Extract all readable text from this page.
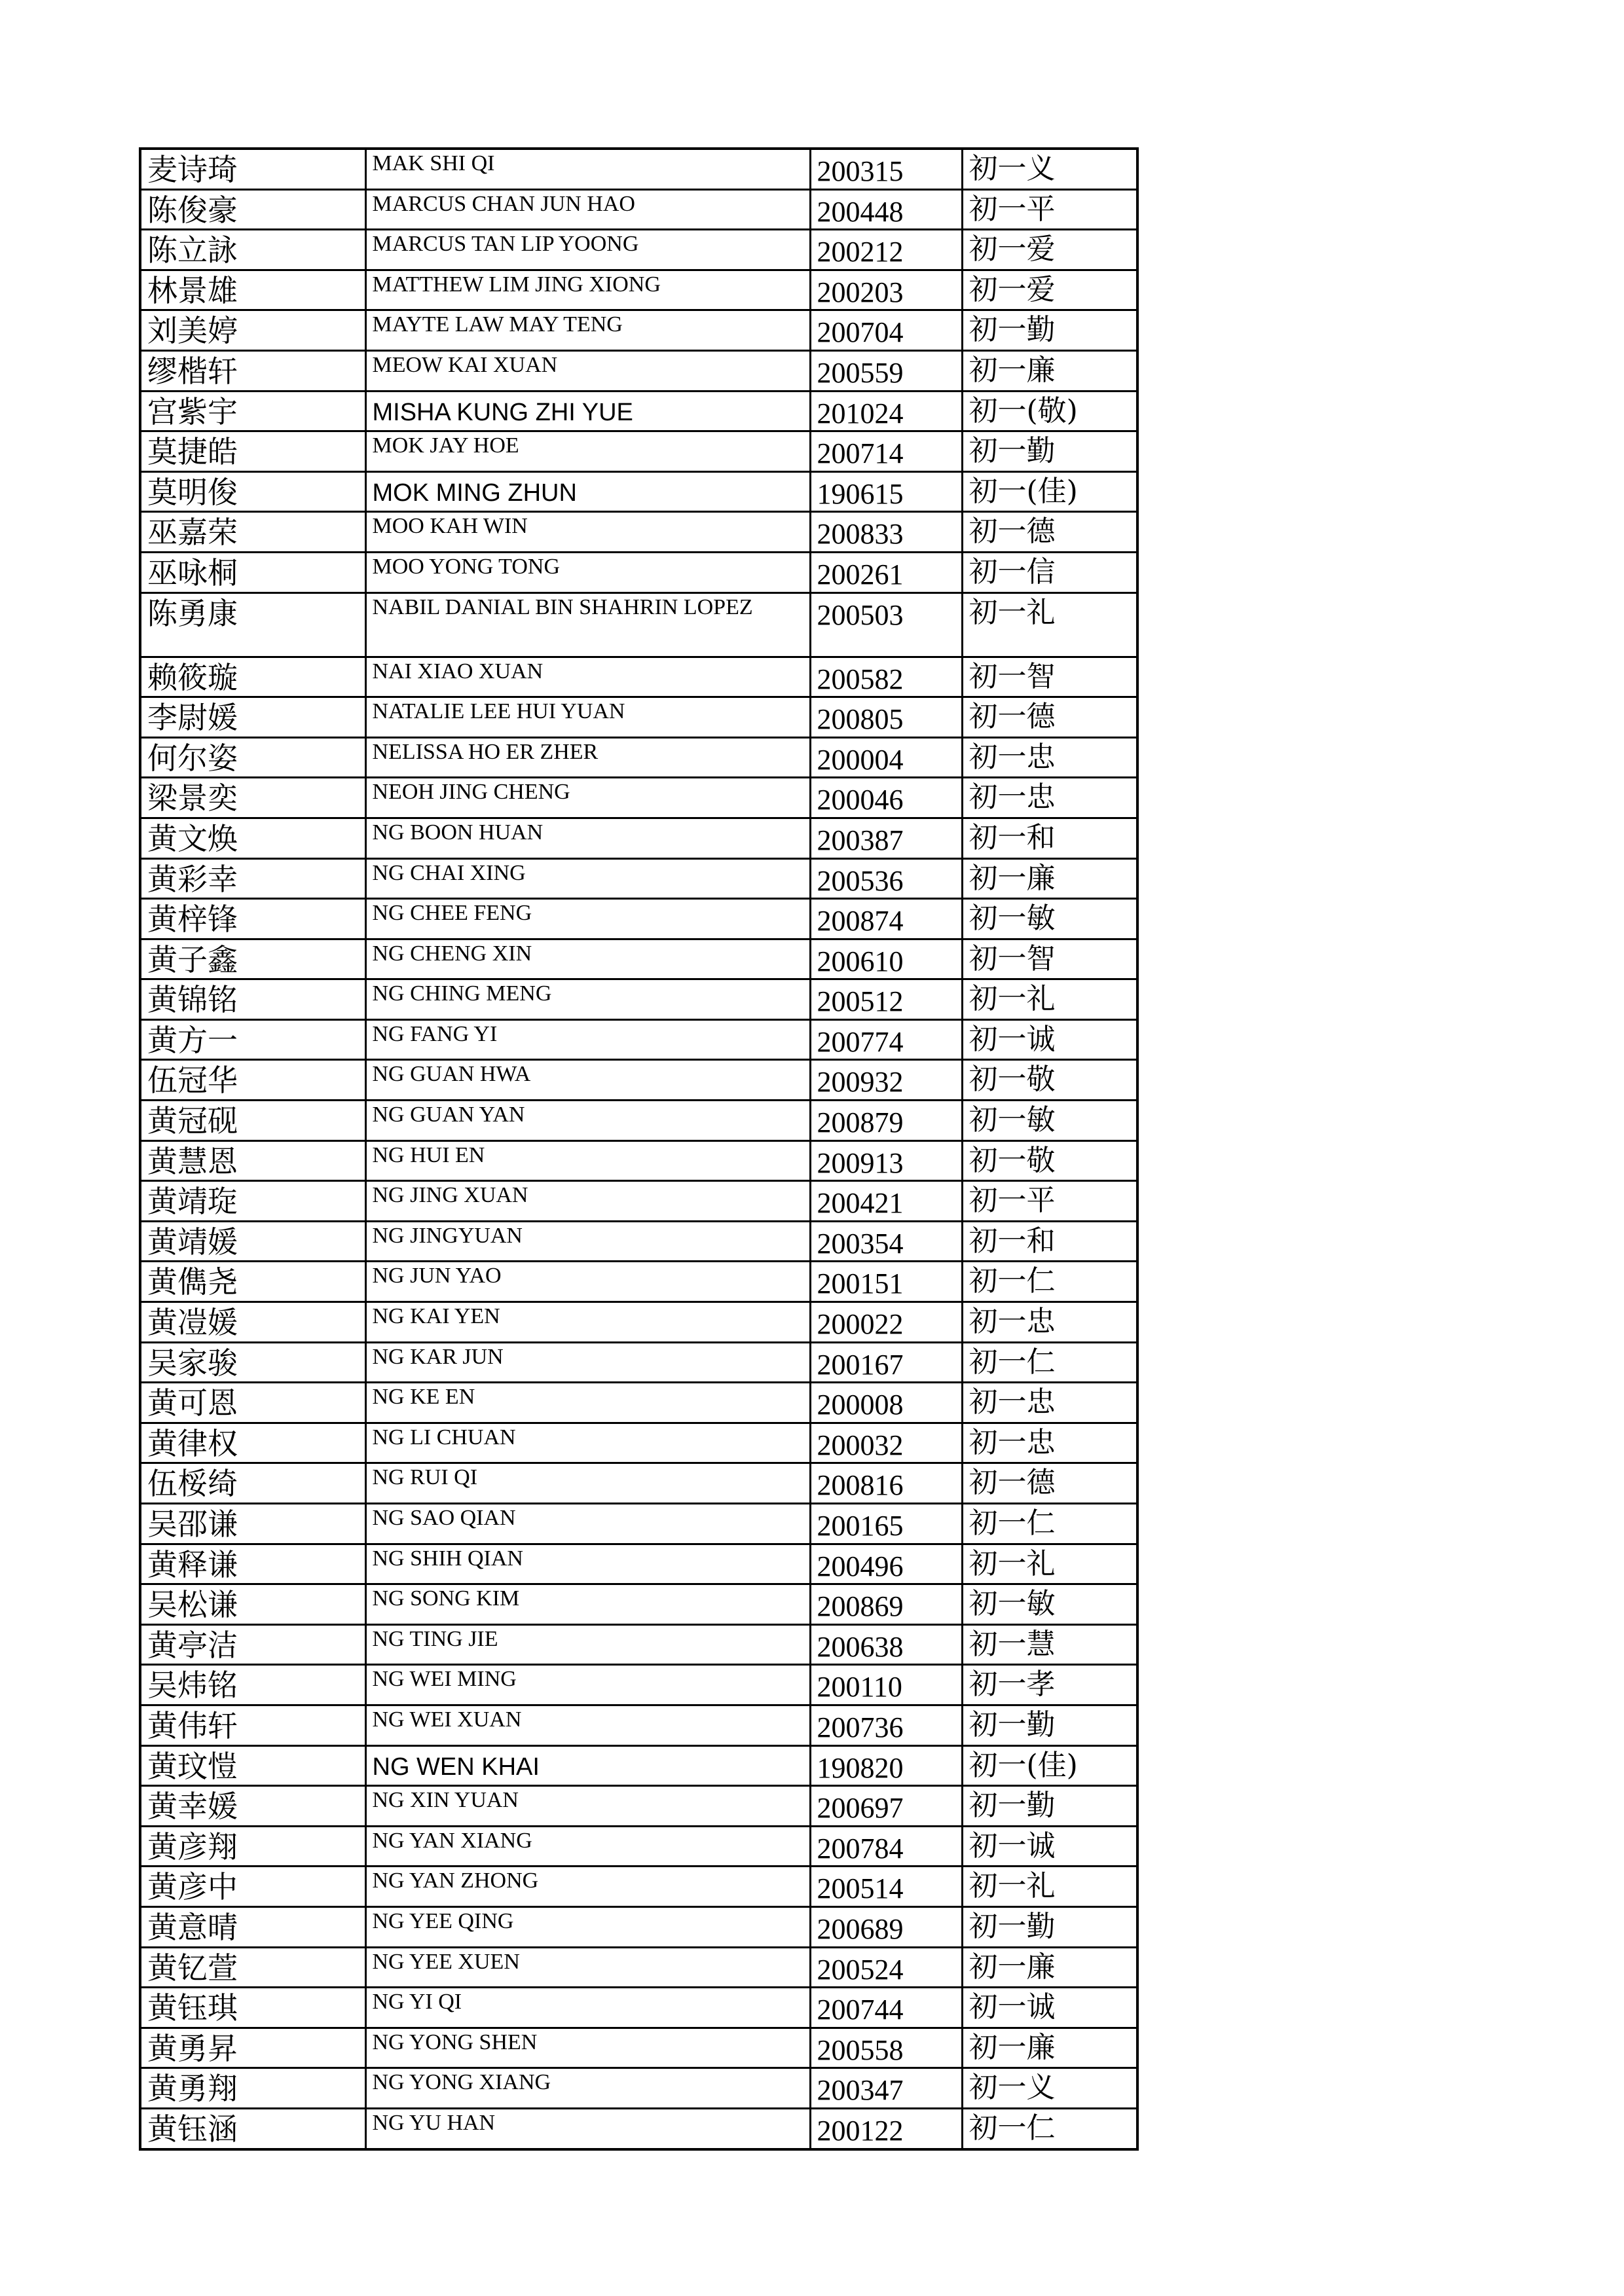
麦诗琦	MAK SHI QI	200315	初一义
陈俊豪	MARCUS CHAN JUN HAO	200448	初一平
陈立詠	MARCUS TAN LIP YOONG	200212	初一爱
林景雄	MATTHEW LIM JING XIONG	200203	初一爱
刘美婷	MAYTE LAW MAY TENG	200704	初一勤
缪楷轩	MEOW KAI XUAN	200559	初一廉
宫紫宇	MISHA KUNG ZHI YUE	201024	初一(敬)
莫捷皓	MOK JAY HOE	200714	初一勤
莫明俊	MOK MING ZHUN	190615	初一(佳)
巫嘉荣	MOO KAH WIN	200833	初一德
巫咏桐	MOO YONG TONG	200261	初一信
陈勇康	NABIL DANIAL BIN SHAHRIN LOPEZ	200503	初一礼
赖筱璇	NAI XIAO XUAN	200582	初一智
李尉媛	NATALIE LEE HUI YUAN	200805	初一德
何尔姿	NELISSA HO ER ZHER	200004	初一忠
梁景奕	NEOH JING CHENG	200046	初一忠
黄文焕	NG BOON HUAN	200387	初一和
黄彩幸	NG CHAI XING	200536	初一廉
黄梓锋	NG CHEE FENG	200874	初一敏
黄子鑫	NG CHENG XIN	200610	初一智
黄锦铭	NG CHING MENG	200512	初一礼
黄方一	NG FANG YI	200774	初一诚
伍冠华	NG GUAN HWA	200932	初一敬
黄冠砚	NG GUAN YAN	200879	初一敏
黄慧恩	NG HUI EN	200913	初一敬
黄靖琁	NG JING XUAN	200421	初一平
黄靖媛	NG JINGYUAN	200354	初一和
黄儁尧	NG JUN YAO	200151	初一仁
黄凒媛	NG KAI YEN	200022	初一忠
吴家骏	NG KAR JUN	200167	初一仁
黄可恩	NG KE EN	200008	初一忠
黄律权	NG LI CHUAN	200032	初一忠
伍桵绮	NG RUI QI	200816	初一德
吴邵谦	NG SAO QIAN	200165	初一仁
黄释谦	NG SHIH QIAN	200496	初一礼
吴松谦	NG SONG KIM	200869	初一敏
黄亭洁	NG TING JIE	200638	初一慧
吴炜铭	NG WEI MING	200110	初一孝
黄伟轩	NG WEI XUAN	200736	初一勤
黄玟愷	NG WEN KHAI	190820	初一(佳)
黄幸媛	NG XIN YUAN	200697	初一勤
黄彦翔	NG YAN XIANG	200784	初一诚
黄彦中	NG YAN ZHONG	200514	初一礼
黄意晴	NG YEE QING	200689	初一勤
黄钇萱	NG YEE XUEN	200524	初一廉
黄钰琪	NG YI QI	200744	初一诚
黄勇昇	NG YONG SHEN	200558	初一廉
黄勇翔	NG YONG XIANG	200347	初一义
黄钰涵	NG YU HAN	200122	初一仁
